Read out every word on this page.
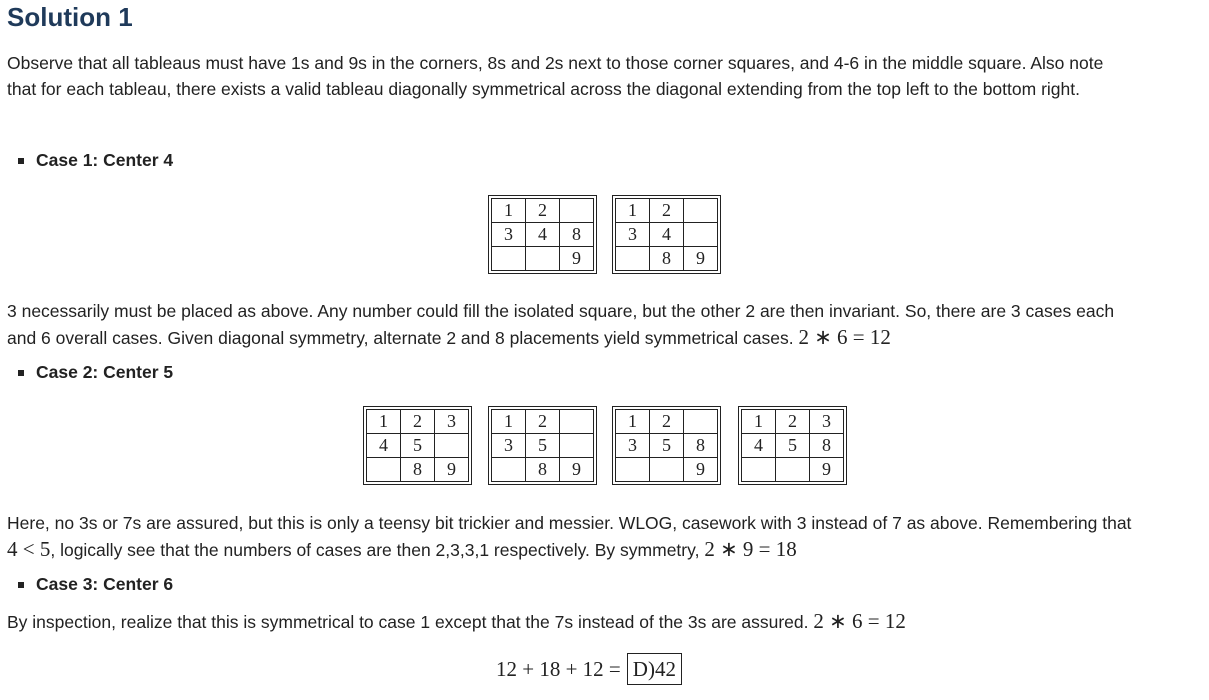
Solution 1

Observe that all tableaus must have 1s and 9s in the corners, 8s and 2s next to those corner squares, and 4-6 in the middle square. Also note

that for each tableau, there exists a valid tableau diagonally symmetrical across the diagonal extending from the top left to the bottom right.

Case 1: Center 4
1	2	
3	4	8
		9
1	2	
3	4	
	8	9

3 necessarily must be placed as above. Any number could fill the isolated square, but the other 2 are then invariant. So, there are 3 cases each

and 6 overall cases. Given diagonal symmetry, alternate 2 and 8 placements yield symmetrical cases. 2 ∗ 6 = 12

Case 2: Center 5
1	2	3
4	5	
	8	9
1	2	
3	5	
	8	9
1	2	
3	5	8
		9
1	2	3
4	5	8
		9

Here, no 3s or 7s are assured, but this is only a teensy bit trickier and messier. WLOG, casework with 3 instead of 7 as above. Remembering that

4 < 5, logically see that the numbers of cases are then 2,3,3,1 respectively. By symmetry, 2 ∗ 9 = 18

Case 3: Center 6

By inspection, realize that this is symmetrical to case 1 except that the 7s instead of the 3s are assured. 2 ∗ 6 = 12

12 + 18 + 12 = D)42
